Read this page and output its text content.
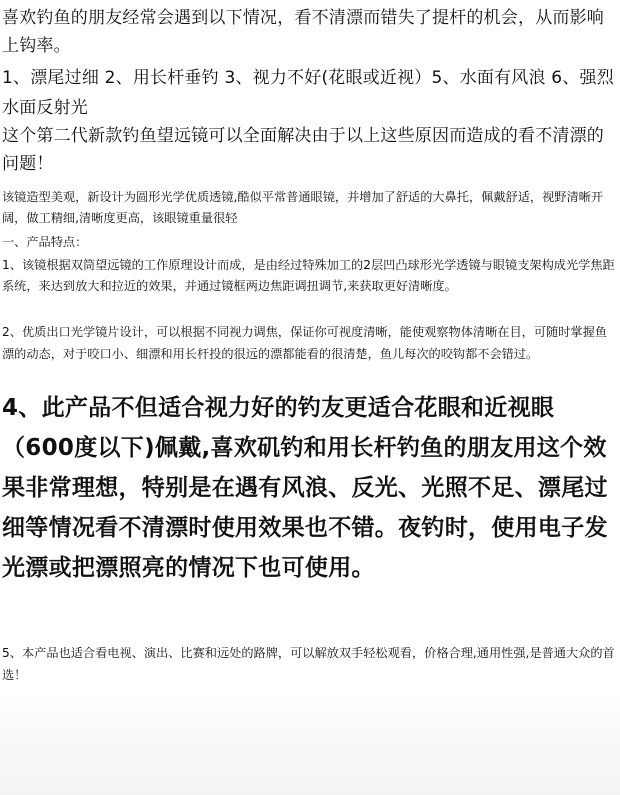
喜欢钓鱼的朋友经常会遇到以下情况，看不清漂而错失了提杆的机会，从而影响上钩率。

1、漂尾过细 2、用长杆垂钓 3、视力不好(花眼或近视）5、水面有风浪 6、强烈水面反射光

这个第二代新款钓鱼望远镜可以全面解决由于以上这些原因而造成的看不清漂的问题！

该镜造型美观，新设计为圆形光学优质透镜,酷似平常普通眼镜，并增加了舒适的大鼻托，佩戴舒适，视野清晰开阔，做工精细,清晰度更高，该眼镜重量很轻

一、产品特点：

1、该镜根据双筒望远镜的工作原理设计而成，是由经过特殊加工的2层凹凸球形光学透镜与眼镜支架构成光学焦距系统，来达到放大和拉近的效果，并通过镜框两边焦距调扭调节,来获取更好清晰度。

2、优质出口光学镜片设计，可以根据不同视力调焦，保证你可视度清晰，能使观察物体清晰在目，可随时掌握鱼漂的动态，对于咬口小、细漂和用长杆投的很远的漂都能看的很清楚，鱼儿每次的咬钩都不会错过。

4、此产品不但适合视力好的钓友更适合花眼和近视眼（600度以下)佩戴,喜欢矶钓和用长杆钓鱼的朋友用这个效果非常理想，特别是在遇有风浪、反光、光照不足、漂尾过细等情况看不清漂时使用效果也不错。夜钓时，使用电子发光漂或把漂照亮的情况下也可使用。

5、本产品也适合看电视、演出、比赛和远处的路牌，可以解放双手轻松观看，价格合理,通用性强,是普通大众的首选！
